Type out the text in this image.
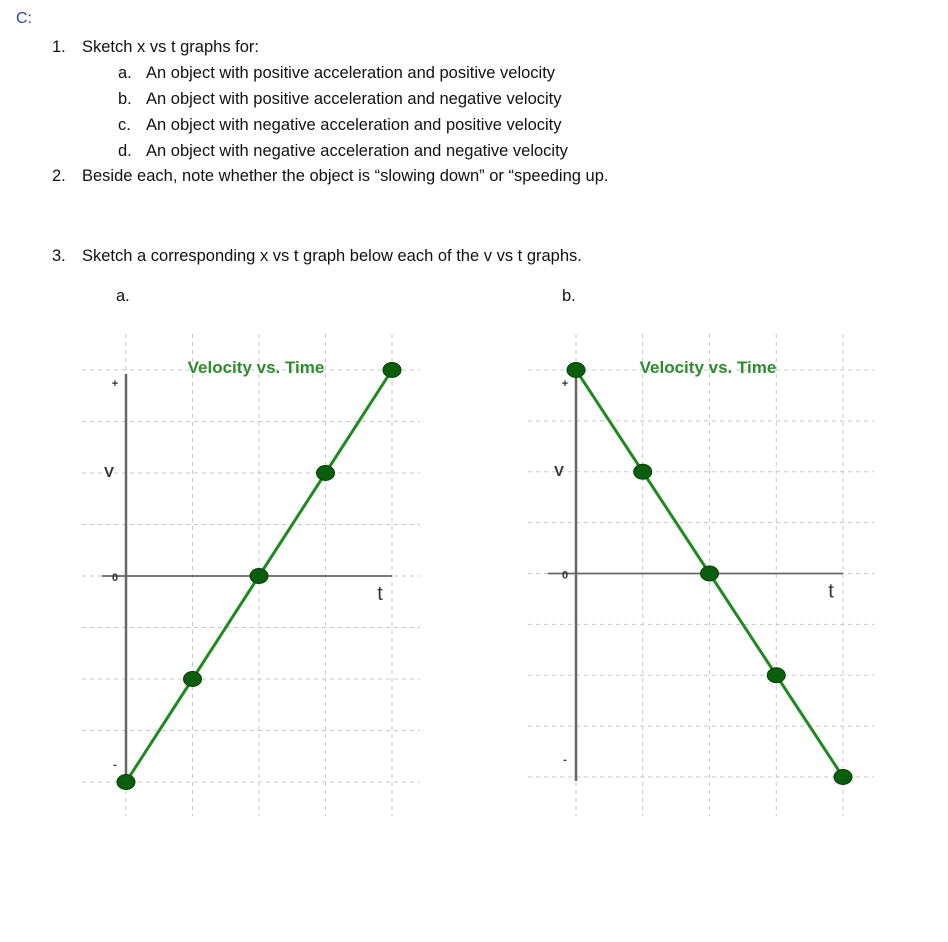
C:
1. Sketch x vs t graphs for:
a. An object with positive acceleration and positive velocity
b. An object with positive acceleration and negative velocity
c. An object with negative acceleration and positive velocity
d. An object with negative acceleration and negative velocity
2. Beside each, note whether the object is “slowing down” or “speeding up.
3. Sketch a corresponding x vs t graph below each of the v vs t graphs.
a.	b.
Velocity vs. Time
V
t
+
0
-
Velocity vs. Time
V
t
+
0
-
